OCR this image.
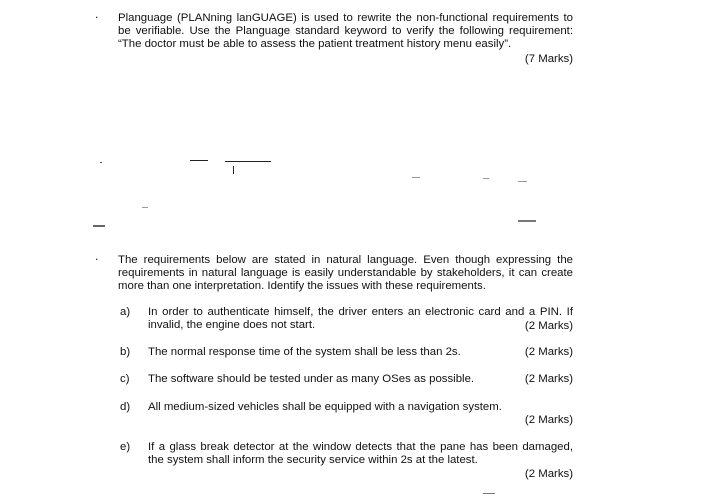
. Planguage (PLANning lanGUAGE) is used to rewrite the non-functional requirements to be verifiable. Use the Planguage standard keyword to verify the following requirement: “The doctor must be able to assess the patient treatment history menu easily”.
(7 Marks)
. The requirements below are stated in natural language. Even though expressing the requirements in natural language is easily understandable by stakeholders, it can create more than one interpretation. Identify the issues with these requirements.
a) In order to authenticate himself, the driver enters an electronic card and a PIN. If invalid, the engine does not start.	(2 Marks)
b) The normal response time of the system shall be less than 2s.	(2 Marks)
c) The software should be tested under as many OSes as possible.	(2 Marks)
d) All medium-sized vehicles shall be equipped with a navigation system.
(2 Marks)
e) If a glass break detector at the window detects that the pane has been damaged, the system shall inform the security service within 2s at the latest.
(2 Marks)
